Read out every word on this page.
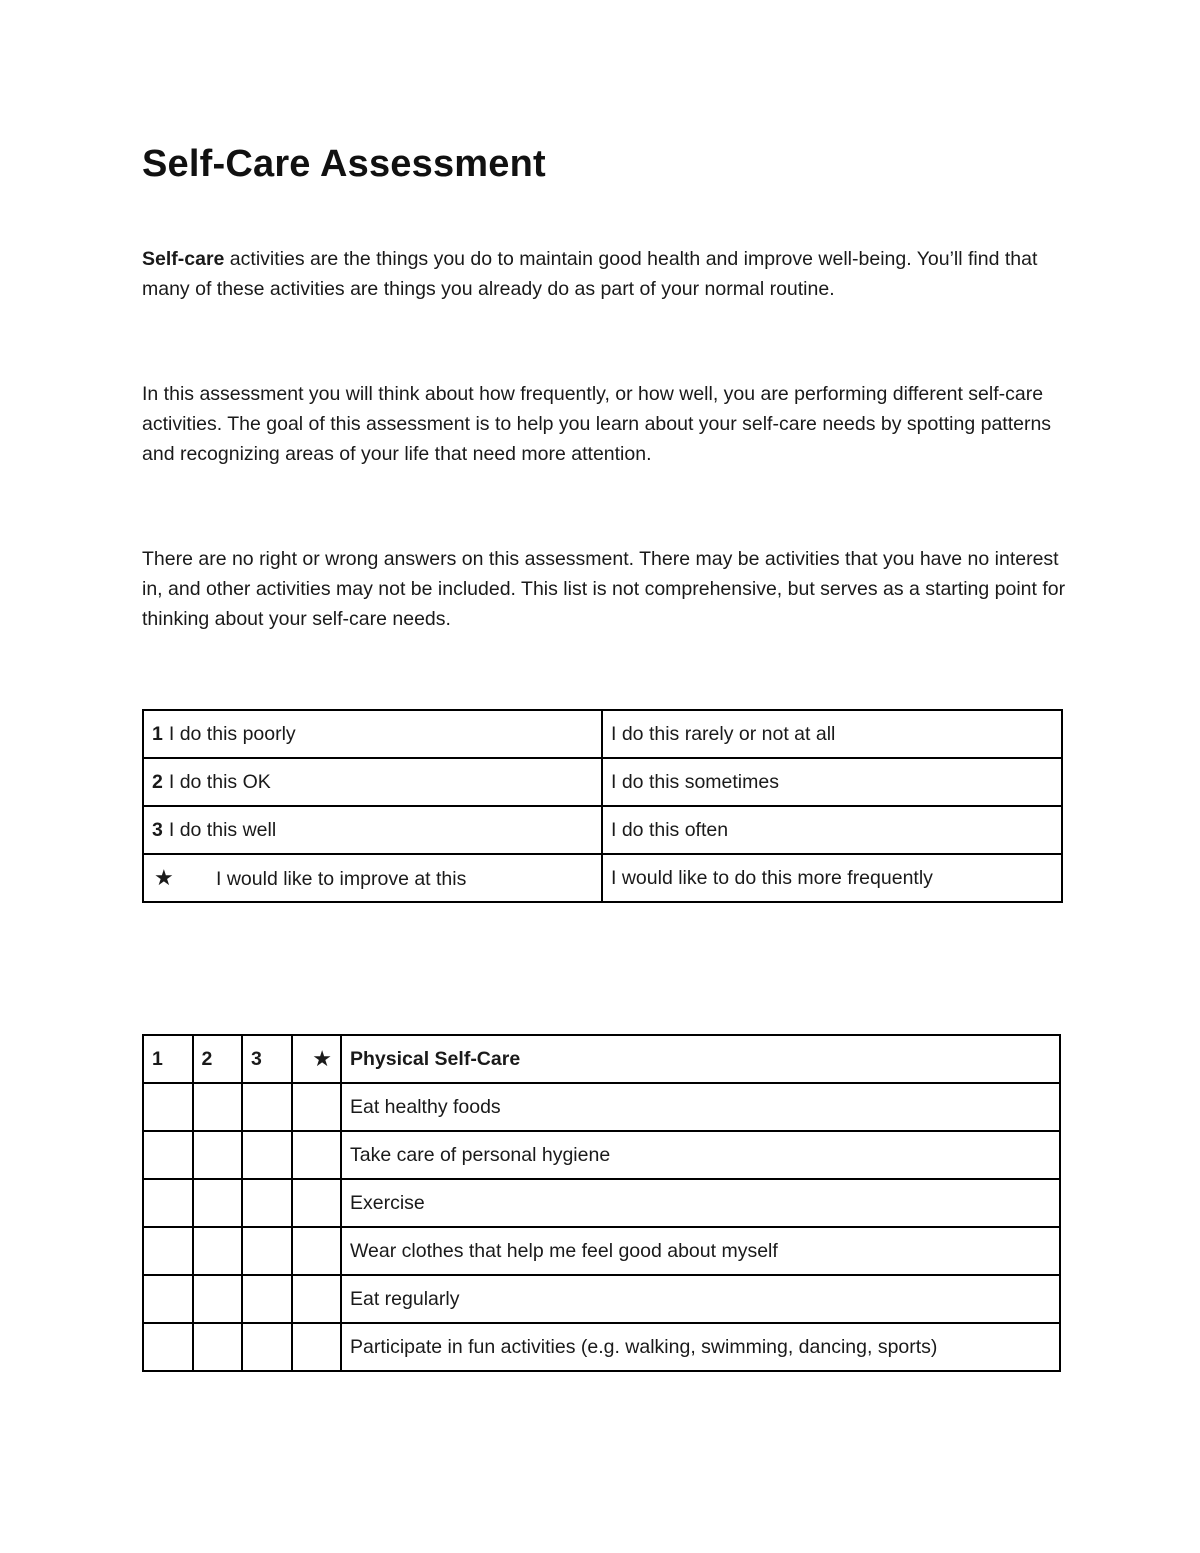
Self-Care Assessment

Self-care activities are the things you do to maintain good health and improve well-being. You’ll find that many of these activities are things you already do as part of your normal routine.

In this assessment you will think about how frequently, or how well, you are performing different self-care activities. The goal of this assessment is to help you learn about your self-care needs by spotting patterns and recognizing areas of your life that need more attention.

There are no right or wrong answers on this assessment. There may be activities that you have no interest in, and other activities may not be included. This list is not comprehensive, but serves as a starting point for thinking about your self-care needs.

1 I do this poorly	I do this rarely or not at all
2 I do this OK	I do this sometimes
3 I do this well	I do this often
★ I would like to improve at this	I would like to do this more frequently
1	2	3	★	Physical Self-Care
				Eat healthy foods
				Take care of personal hygiene
				Exercise
				Wear clothes that help me feel good about myself
				Eat regularly
				Participate in fun activities (e.g. walking, swimming, dancing, sports)
